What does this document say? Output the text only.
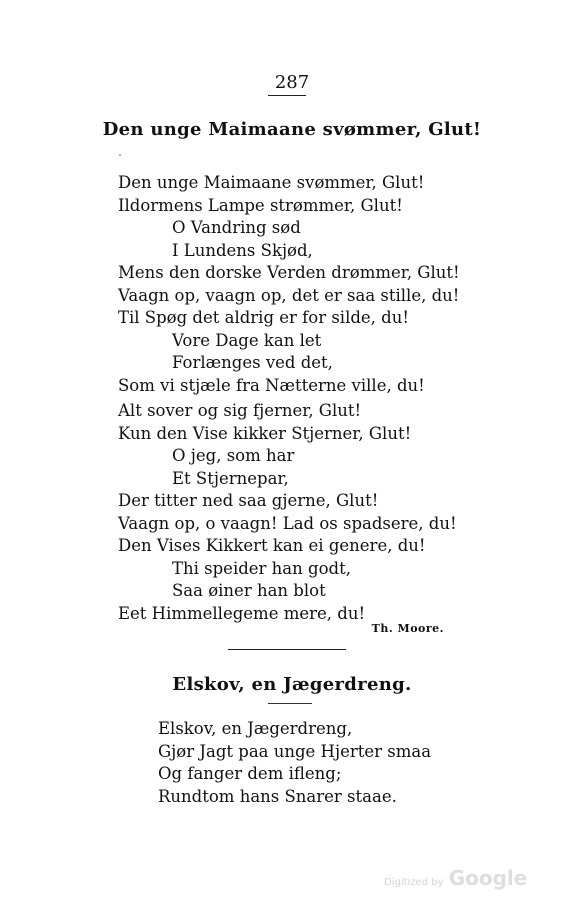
287
Den unge Maimaane svømmer, Glut!
Den unge Maimaane svømmer, Glut!
Ildormens Lampe strømmer, Glut!
O Vandring sød
I Lundens Skjød,
Mens den dorske Verden drømmer, Glut!
Vaagn op, vaagn op, det er saa stille, du!
Til Spøg det aldrig er for silde, du!
Vore Dage kan let
Forlænges ved det,
Som vi stjæle fra Nætterne ville, du!
Alt sover og sig fjerner, Glut!
Kun den Vise kikker Stjerner, Glut!
O jeg, som har
Et Stjernepar,
Der titter ned saa gjerne, Glut!
Vaagn op, o vaagn! Lad os spadsere, du!
Den Vises Kikkert kan ei genere, du!
Thi speider han godt,
Saa øiner han blot
Eet Himmellegeme mere, du!
Th. Moore.
Elskov, en Jægerdreng.
Elskov, en Jægerdreng,
Gjør Jagt paa unge Hjerter smaa
Og fanger dem ifleng;
Rundtom hans Snarer staae.
Digitized by Google
